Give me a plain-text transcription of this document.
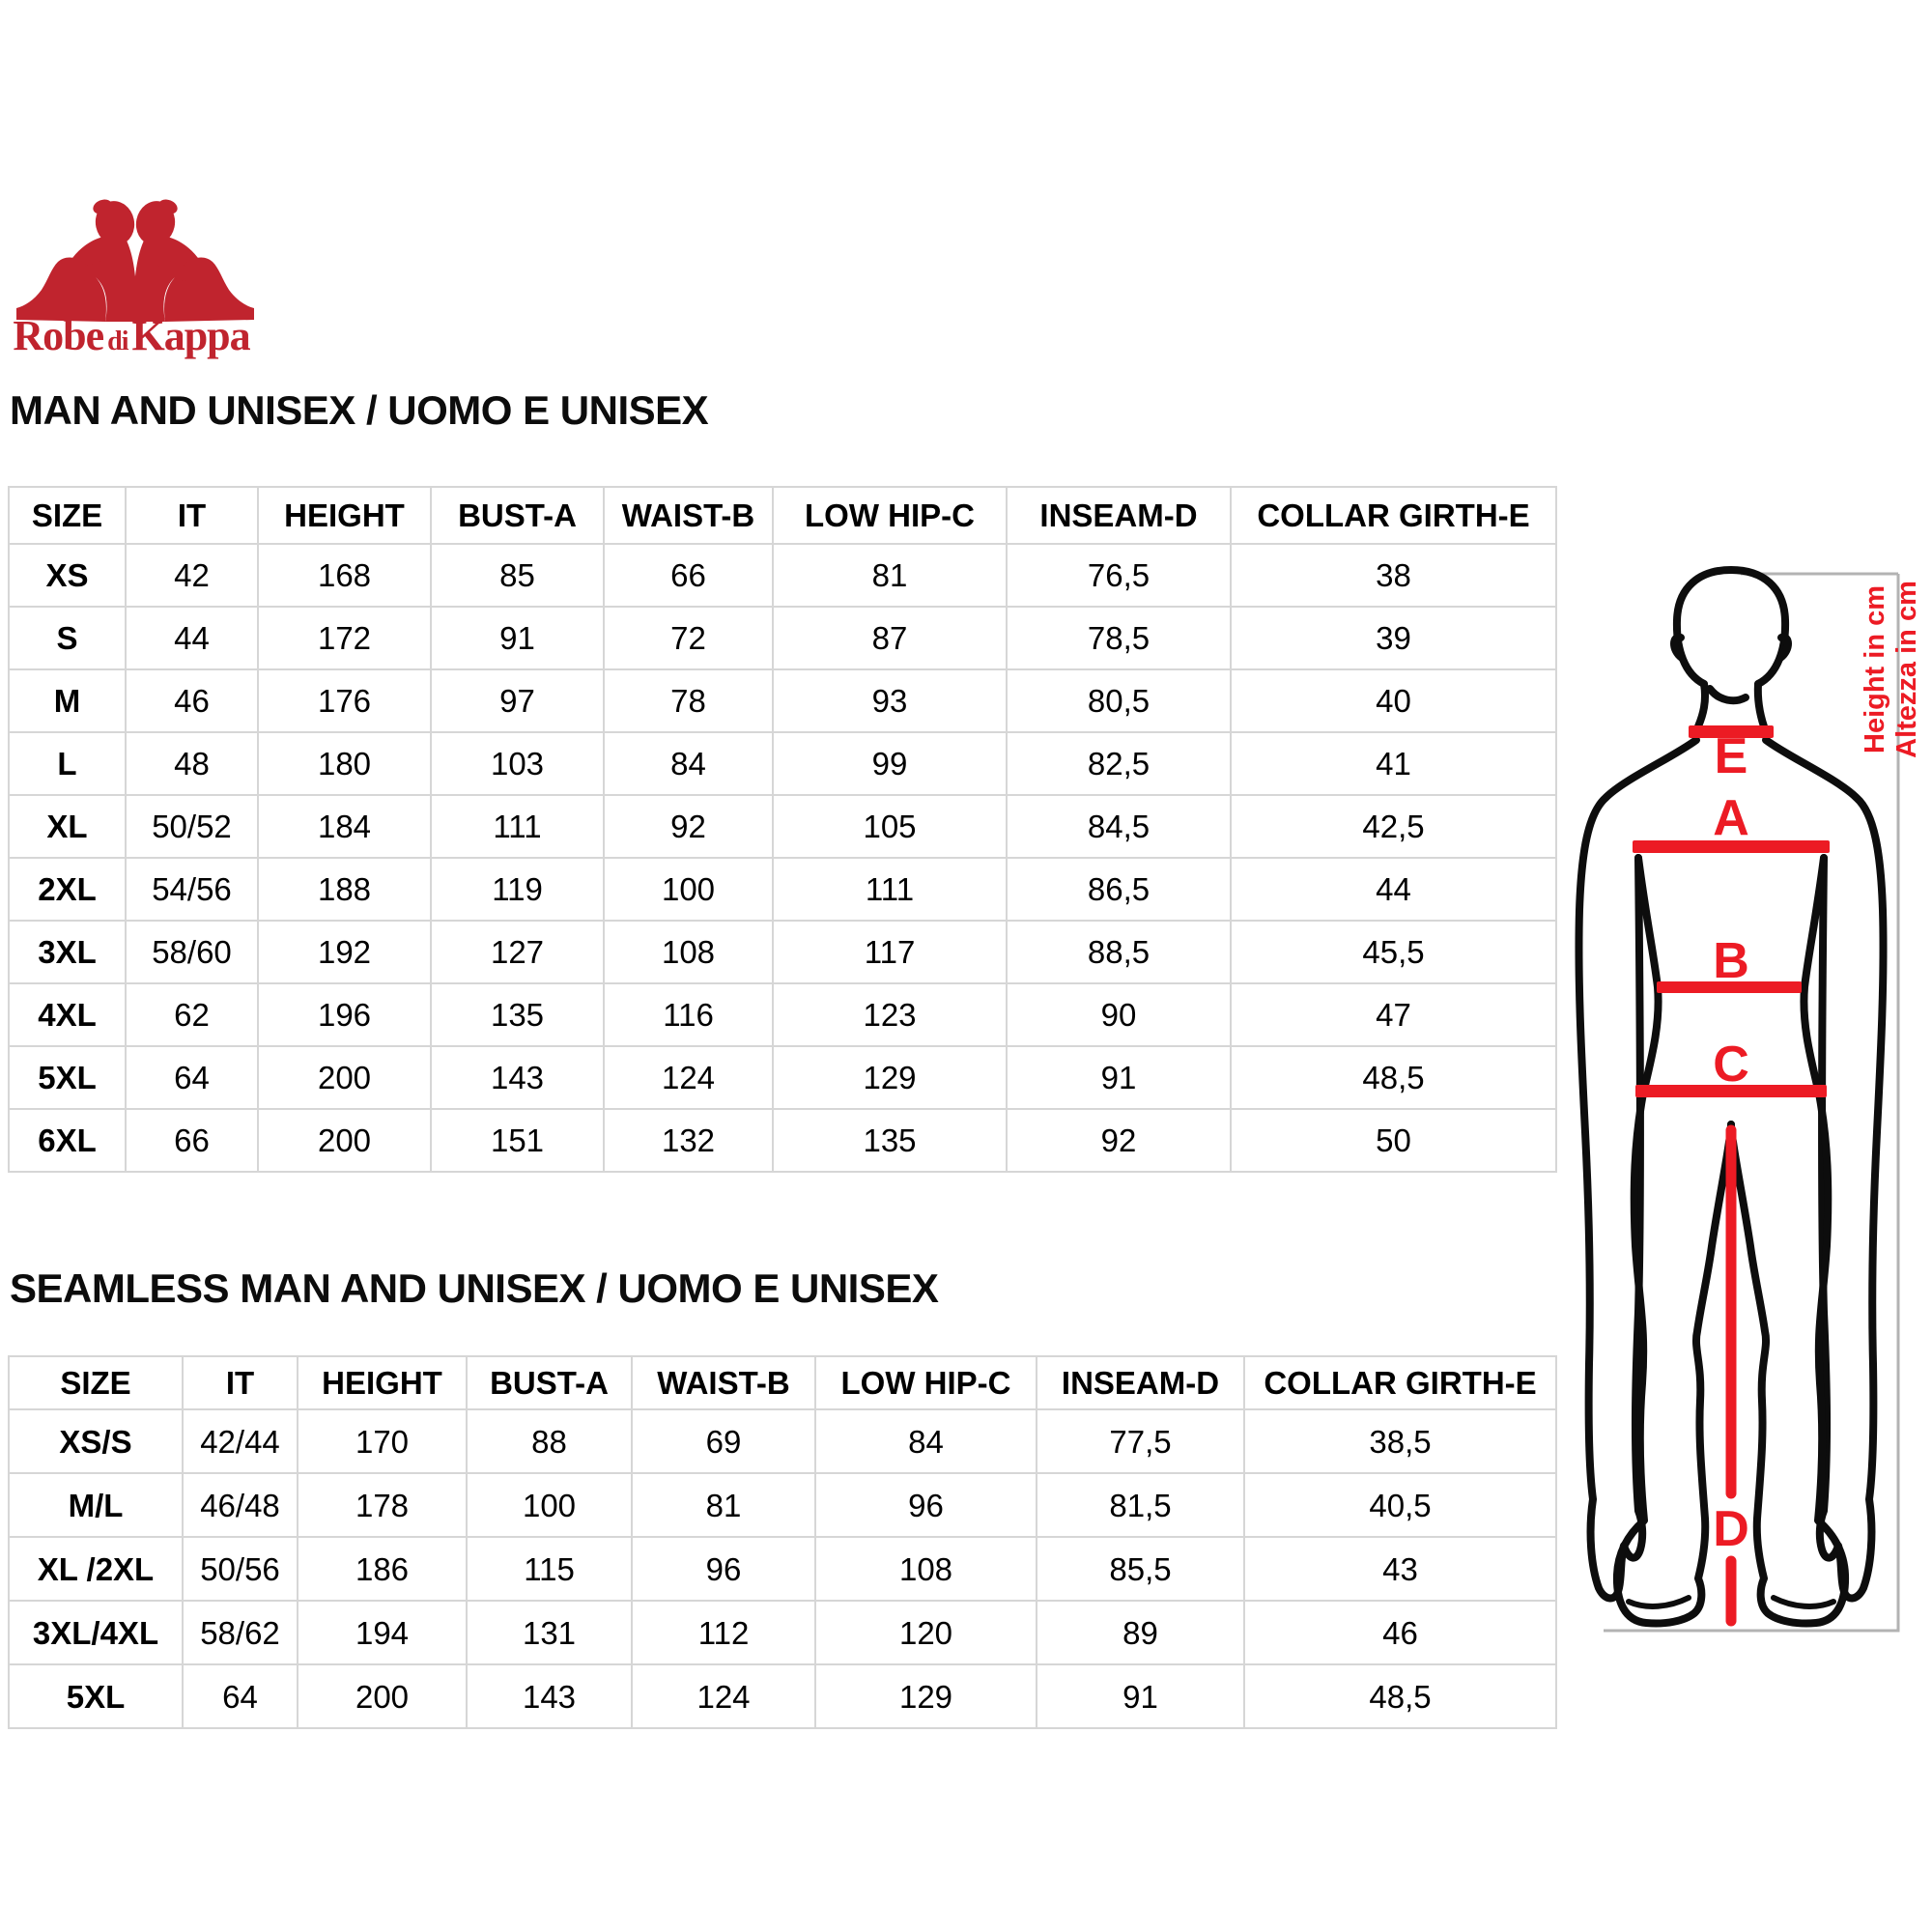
Robe diKappa
MAN AND UNISEX / UOMO E UNISEX
SIZE	IT	HEIGHT	BUST-A	WAIST-B	LOW HIP-C	INSEAM-D	COLLAR GIRTH-E
XS	42	168	85	66	81	76,5	38
S	44	172	91	72	87	78,5	39
M	46	176	97	78	93	80,5	40
L	48	180	103	84	99	82,5	41
XL	50/52	184	111	92	105	84,5	42,5
2XL	54/56	188	119	100	111	86,5	44
3XL	58/60	192	127	108	117	88,5	45,5
4XL	62	196	135	116	123	90	47
5XL	64	200	143	124	129	91	48,5
6XL	66	200	151	132	135	92	50
SEAMLESS MAN AND UNISEX / UOMO E UNISEX
SIZE	IT	HEIGHT	BUST-A	WAIST-B	LOW HIP-C	INSEAM-D	COLLAR GIRTH-E
XS/S	42/44	170	88	69	84	77,5	38,5
M/L	46/48	178	100	81	96	81,5	40,5
XL /2XL	50/56	186	115	96	108	85,5	43
3XL/4XL	58/62	194	131	112	120	89	46
5XL	64	200	143	124	129	91	48,5
E
A
B
C
D
Height in cm Altezza in cm
